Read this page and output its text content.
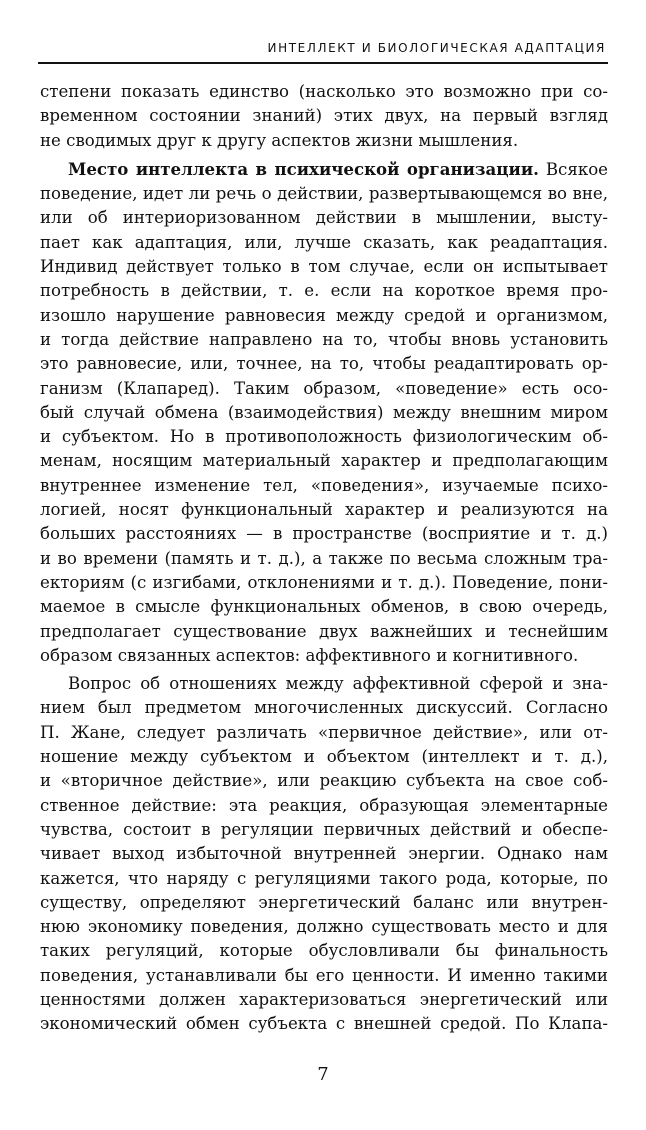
ИНТЕЛЛЕКТ И БИОЛОГИЧЕСКАЯ АДАПТАЦИЯ
степени показать единство (насколько это возможно при со-
временном состоянии знаний) этих двух, на первый взгляд
не сводимых друг к другу аспектов жизни мышления.
Место интеллекта в психической организации. Всякое
поведение, идет ли речь о действии, развертывающемся во вне,
или об интериоризованном действии в мышлении, высту-
пает как адаптация, или, лучше сказать, как реадаптация.
Индивид действует только в том случае, если он испытывает
потребность в действии, т. е. если на короткое время про-
изошло нарушение равновесия между средой и организмом,
и тогда действие направлено на то, чтобы вновь установить
это равновесие, или, точнее, на то, чтобы реадаптировать ор-
ганизм (Клапаред). Таким образом, «поведение» есть осо-
бый случай обмена (взаимодействия) между внешним миром
и субъектом. Но в противоположность физиологическим об-
менам, носящим материальный характер и предполагающим
внутреннее изменение тел, «поведения», изучаемые психо-
логией, носят функциональный характер и реализуются на
больших расстояниях — в пространстве (восприятие и т. д.)
и во времени (память и т. д.), а также по весьма сложным тра-
екториям (с изгибами, отклонениями и т. д.). Поведение, пони-
маемое в смысле функциональных обменов, в свою очередь,
предполагает существование двух важнейших и теснейшим
образом связанных аспектов: аффективного и когнитивного.
Вопрос об отношениях между аффективной сферой и зна-
нием был предметом многочисленных дискуссий. Согласно
П. Жане, следует различать «первичное действие», или от-
ношение между субъектом и объектом (интеллект и т. д.),
и «вторичное действие», или реакцию субъекта на свое соб-
ственное действие: эта реакция, образующая элементарные
чувства, состоит в регуляции первичных действий и обеспе-
чивает выход избыточной внутренней энергии. Однако нам
кажется, что наряду с регуляциями такого рода, которые, по
существу, определяют энергетический баланс или внутрен-
нюю экономику поведения, должно существовать место и для
таких регуляций, которые обусловливали бы финальность
поведения, устанавливали бы его ценности. И именно такими
ценностями должен характеризоваться энергетический или
экономический обмен субъекта с внешней средой. По Клапа-
7
